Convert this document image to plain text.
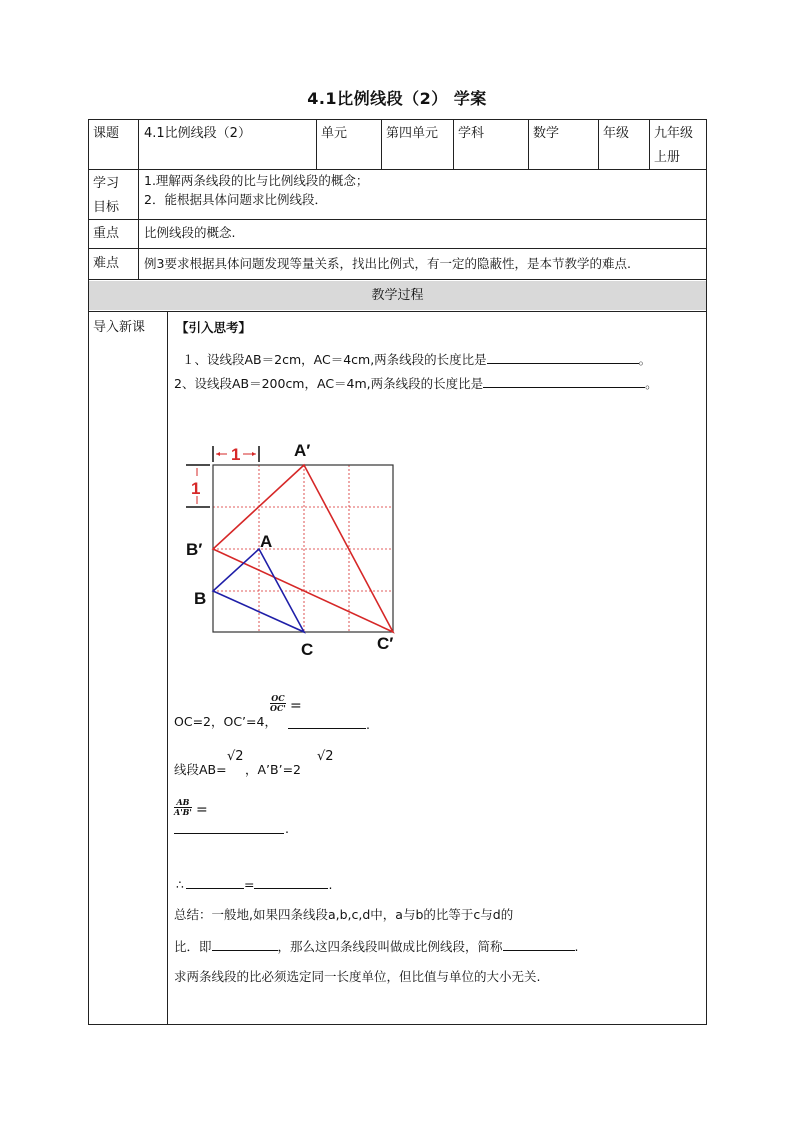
4.1比例线段（2） 学案
课题 4.1比例线段（2）	单元	第四单元 学科	数学	年级 九年级
上册
学习
目标
1.理解两条线段的比与比例线段的概念；
2．能根据具体问题求比例线段．
重点 比例线段的概念.
难点 例3要求根据具体问题发现等量关系，找出比例式，有一定的隐蔽性，是本节教学的难点.
教学过程
导入新课 【引入思考】
１、设线段AB＝2cm，AC＝4cm,两条线段的长度比是	。
2、设线段AB＝200cm，AC＝4m,两条线段的长度比是	。
1
1
A′
B′
C′
A
B
C
OC=2，OC’=4，
$\frac{OC}{OC'}$ =
.
线段AB=
√2
，A’B’=2
√2
$\frac{AB}{A'B'}$ =
.
∴	=	.
总结：一般地,如果四条线段a,b,c,d中，a与b的比等于c与d的
比．即	，那么这四条线段叫做成比例线段，简称	.
求两条线段的比必须选定同一长度单位，但比值与单位的大小无关.
